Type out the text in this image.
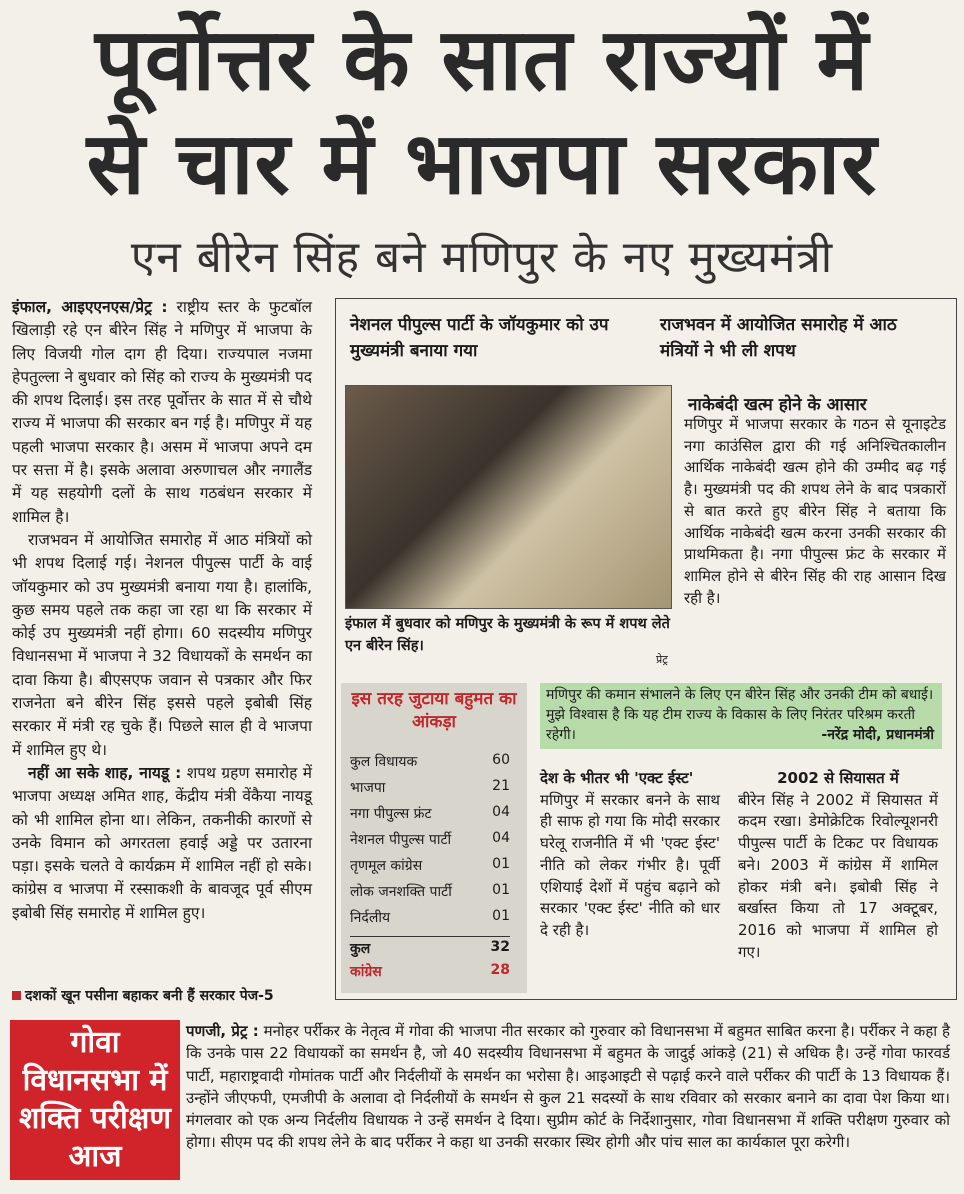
पूर्वोत्तर के सात राज्यों में
से चार में भाजपा सरकार
एन बीरेन सिंह बने मणिपुर के नए मुख्यमंत्री

इंफाल, आइएएनएस/प्रेट्र : राष्ट्रीय स्तर के फुटबॉल खिलाड़ी रहे एन बीरेन सिंह ने मणिपुर में भाजपा के लिए विजयी गोल दाग ही दिया। राज्यपाल नजमा हेपतुल्ला ने बुधवार को सिंह को राज्य के मुख्यमंत्री पद की शपथ दिलाई। इस तरह पूर्वोत्तर के सात में से चौथे राज्य में भाजपा की सरकार बन गई है। मणिपुर में यह पहली भाजपा सरकार है। असम में भाजपा अपने दम पर सत्ता में है। इसके अलावा अरुणाचल और नगालैंड में यह सहयोगी दलों के साथ गठबंधन सरकार में शामिल है।

राजभवन में आयोजित समारोह में आठ मंत्रियों को भी शपथ दिलाई गई। नेशनल पीपुल्स पार्टी के वाई जॉयकुमार को उप मुख्यमंत्री बनाया गया है। हालांकि, कुछ समय पहले तक कहा जा रहा था कि सरकार में कोई उप मुख्यमंत्री नहीं होगा। 60 सदस्यीय मणिपुर विधानसभा में भाजपा ने 32 विधायकों के समर्थन का दावा किया है। बीएसएफ जवान से पत्रकार और फिर राजनेता बने बीरेन सिंह इससे पहले इबोबी सिंह सरकार में मंत्री रह चुके हैं। पिछले साल ही वे भाजपा में शामिल हुए थे।

नहीं आ सके शाह, नायडू : शपथ ग्रहण समारोह में भाजपा अध्यक्ष अमित शाह, केंद्रीय मंत्री वेंकैया नायडू को भी शामिल होना था। लेकिन, तकनीकी कारणों से उनके विमान को अगरतला हवाई अड्डे पर उतारना पड़ा। इसके चलते वे कार्यक्रम में शामिल नहीं हो सके। कांग्रेस व भाजपा में रस्साकशी के बावजूद पूर्व सीएम इबोबी सिंह समारोह में शामिल हुए।

दशकों खून पसीना बहाकर बनी हैं सरकार पेज-5
नेशनल पीपुल्स पार्टी के जॉयकुमार को उप मुख्यमंत्री बनाया गया
राजभवन में आयोजित समारोह में आठ मंत्रियों ने भी ली शपथ
इंफाल में बुधवार को मणिपुर के मुख्यमंत्री के रूप में शपथ लेते एन बीरेन सिंह।
प्रेट्र
नाकेबंदी खत्म होने के आसार
मणिपुर में भाजपा सरकार के गठन से यूनाइटेड नगा काउंसिल द्वारा की गई अनिश्चितकालीन आर्थिक नाकेबंदी खत्म होने की उम्मीद बढ़ गई है। मुख्यमंत्री पद की शपथ लेने के बाद पत्रकारों से बात करते हुए बीरेन सिंह ने बताया कि आर्थिक नाकेबंदी खत्म करना उनकी सरकार की प्राथमिकता है। नगा पीपुल्स फ्रंट के सरकार में शामिल होने से बीरेन सिंह की राह आसान दिख रही है।
इस तरह जुटाया बहुमत का आंकड़ा
कुल विधायक	60
भाजपा	21
नगा पीपुल्स फ्रंट	04
नेशनल पीपुल्स पार्टी	04
तृणमूल कांग्रेस	01
लोक जनशक्ति पार्टी	01
निर्दलीय	01
कुल	32
कांग्रेस	28
मणिपुर की कमान संभालने के लिए एन बीरेन सिंह और उनकी टीम को बधाई। मुझे विश्वास है कि यह टीम राज्य के विकास के लिए निरंतर परिश्रम करती रहेगी।	-नरेंद्र मोदी, प्रधानमंत्री
देश के भीतर भी 'एक्ट ईस्ट'
मणिपुर में सरकार बनने के साथ ही साफ हो गया कि मोदी सरकार घरेलू राजनीति में भी 'एक्ट ईस्ट' नीति को लेकर गंभीर है। पूर्वी एशियाई देशों में पहुंच बढ़ाने को सरकार 'एक्ट ईस्ट' नीति को धार दे रही है।
2002 से सियासत में
बीरेन सिंह ने 2002 में सियासत में कदम रखा। डेमोक्रेटिक रिवोल्यूशनरी पीपुल्स पार्टी के टिकट पर विधायक बने। 2003 में कांग्रेस में शामिल होकर मंत्री बने। इबोबी सिंह ने बर्खास्त किया तो 17 अक्टूबर, 2016 को भाजपा में शामिल हो गए।
गोवा विधानसभा में शक्ति परीक्षण आज
पणजी, प्रेट्र : मनोहर पर्रीकर के नेतृत्व में गोवा की भाजपा नीत सरकार को गुरुवार को विधानसभा में बहुमत साबित करना है। पर्रीकर ने कहा है कि उनके पास 22 विधायकों का समर्थन है, जो 40 सदस्यीय विधानसभा में बहुमत के जादुई आंकड़े (21) से अधिक है। उन्हें गोवा फारवर्ड पार्टी, महाराष्ट्रवादी गोमांतक पार्टी और निर्दलीयों के समर्थन का भरोसा है। आइआइटी से पढ़ाई करने वाले पर्रीकर की पार्टी के 13 विधायक हैं। उन्होंने जीएफपी, एमजीपी के अलावा दो निर्दलीयों के समर्थन से कुल 21 सदस्यों के साथ रविवार को सरकार बनाने का दावा पेश किया था। मंगलवार को एक अन्य निर्दलीय विधायक ने उन्हें समर्थन दे दिया। सुप्रीम कोर्ट के निर्देशानुसार, गोवा विधानसभा में शक्ति परीक्षण गुरुवार को होगा। सीएम पद की शपथ लेने के बाद पर्रीकर ने कहा था उनकी सरकार स्थिर होगी और पांच साल का कार्यकाल पूरा करेगी।
